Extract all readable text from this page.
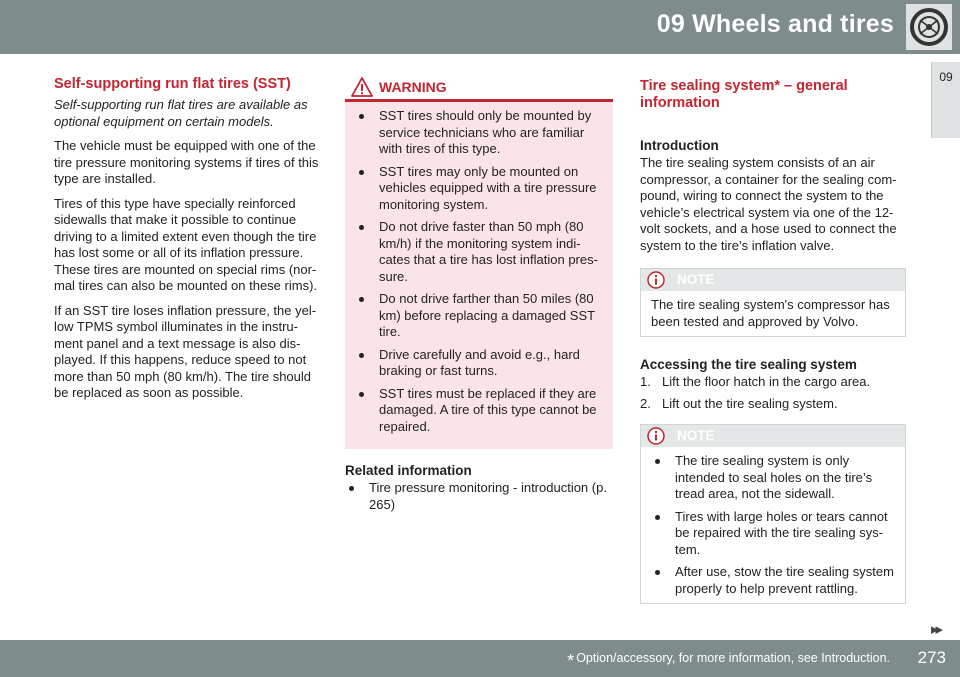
09 Wheels and tires
09
Self-supporting run flat tires (SST)
Self-supporting run flat tires are available as optional equipment on certain models.

The vehicle must be equipped with one of the tire pressure monitoring systems if tires of this type are installed.

Tires of this type have specially reinforced sidewalls that make it possible to continue driving to a limited extent even though the tire has lost some or all of its inflation pressure. These tires are mounted on special rims (nor- mal tires can also be mounted on these rims).

If an SST tire loses inflation pressure, the yel- low TPMS symbol illuminates in the instru- ment panel and a text message is also dis- played. If this happens, reduce speed to not more than 50 mph (80 km/h). The tire should be replaced as soon as possible.

WARNING
SST tires should only be mounted by service technicians who are familiar with tires of this type.
SST tires may only be mounted on vehicles equipped with a tire pressure monitoring system.
Do not drive faster than 50 mph (80 km/h) if the monitoring system indi- cates that a tire has lost inflation pres- sure.
Do not drive farther than 50 miles (80 km) before replacing a damaged SST tire.
Drive carefully and avoid e.g., hard braking or fast turns.
SST tires must be replaced if they are damaged. A tire of this type cannot be repaired.
Related information
Tire pressure monitoring - introduction (p. 265)
Tire sealing system* – general information
Introduction

The tire sealing system consists of an air compressor, a container for the sealing com- pound, wiring to connect the system to the vehicle’s electrical system via one of the 12- volt sockets, and a hose used to connect the system to the tire’s inflation valve.

NOTE
The tire sealing system's compressor has been tested and approved by Volvo.
Accessing the tire sealing system
1. Lift the floor hatch in the cargo area.
2. Lift out the tire sealing system.
NOTE
The tire sealing system is only intended to seal holes on the tire’s tread area, not the sidewall.
Tires with large holes or tears cannot be repaired with the tire sealing sys- tem.
After use, stow the tire sealing system properly to help prevent rattling.
▸▸
* Option/accessory, for more information, see Introduction. 273
